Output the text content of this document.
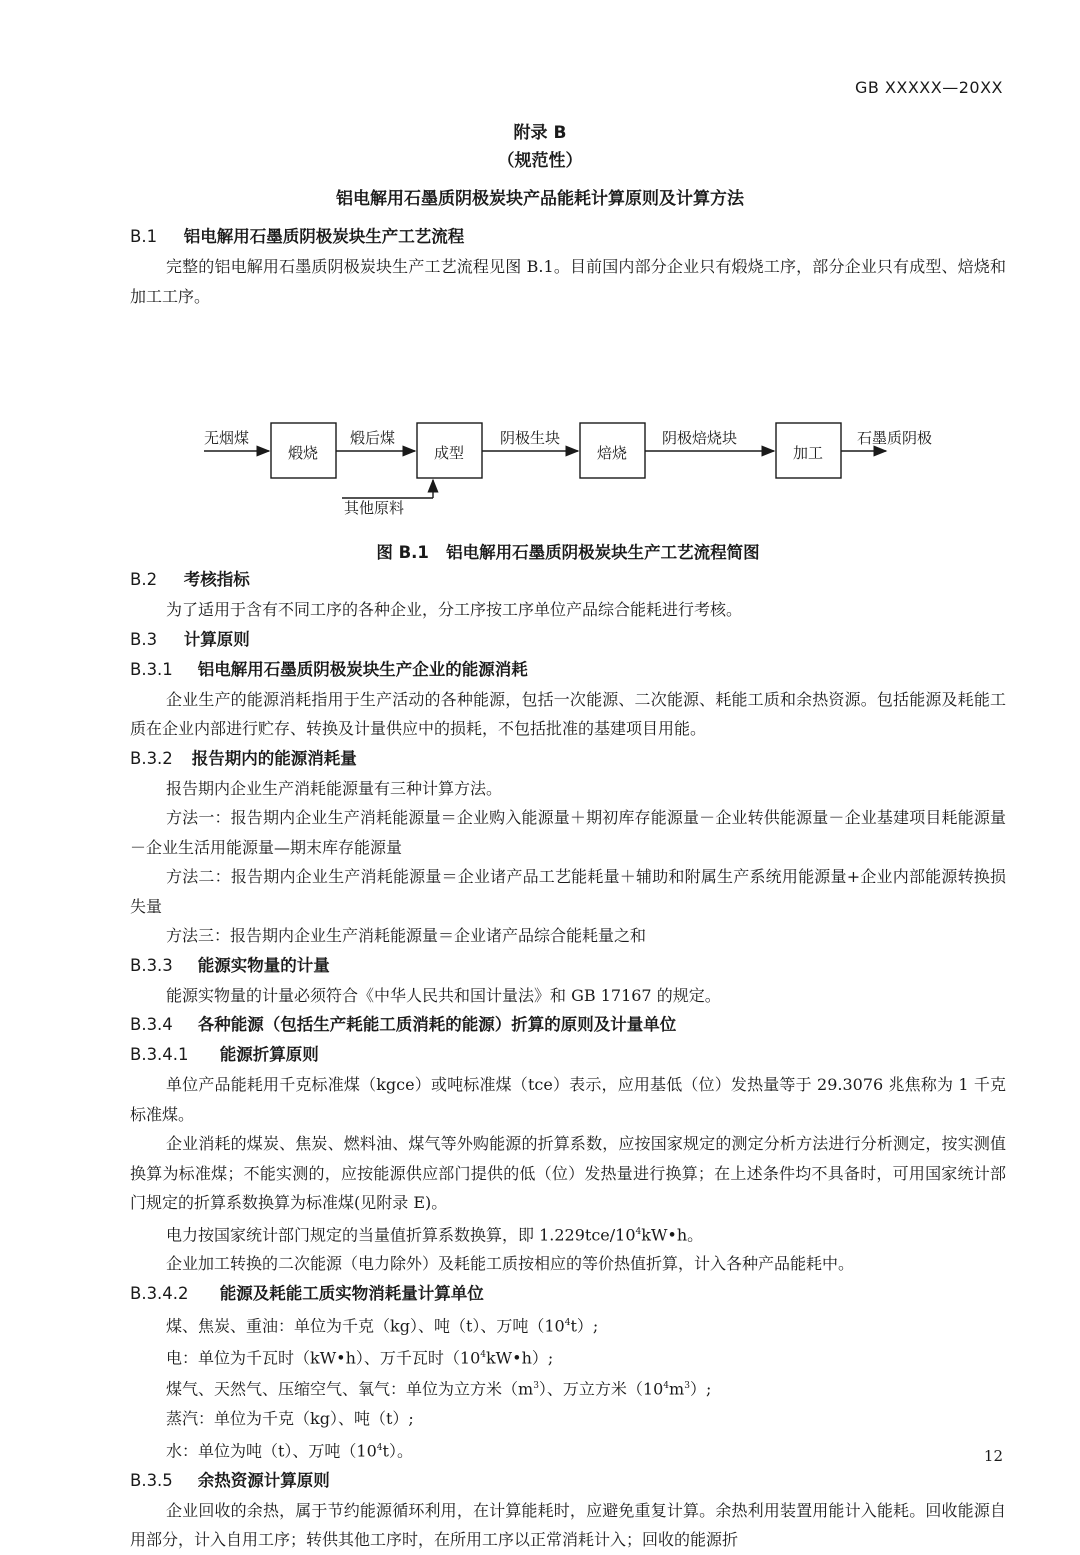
GB XXXXX—20XX
附录 B
（规范性）
铝电解用石墨质阴极炭块产品能耗计算原则及计算方法
B.1 铝电解用石墨质阴极炭块生产工艺流程
完整的铝电解用石墨质阴极炭块生产工艺流程见图 B.1。目前国内部分企业只有煅烧工序，部分企业只有成型、焙烧和加工工序。
无烟煤
煅烧
煅后煤
成型
阴极生块
焙烧
阴极焙烧块
加工
石墨质阴极
其他原料
图 B.1 铝电解用石墨质阴极炭块生产工艺流程简图
B.2 考核指标
为了适用于含有不同工序的各种企业，分工序按工序单位产品综合能耗进行考核。
B.3 计算原则
B.3.1 铝电解用石墨质阴极炭块生产企业的能源消耗
企业生产的能源消耗指用于生产活动的各种能源，包括一次能源、二次能源、耗能工质和余热资源。包括能源及耗能工质在企业内部进行贮存、转换及计量供应中的损耗，不包括批准的基建项目用能。
B.3.2 报告期内的能源消耗量
报告期内企业生产消耗能源量有三种计算方法。
方法一：报告期内企业生产消耗能源量＝企业购入能源量＋期初库存能源量－企业转供能源量－企业基建项目耗能源量－企业生活用能源量—期末库存能源量
方法二：报告期内企业生产消耗能源量＝企业诸产品工艺能耗量＋辅助和附属生产系统用能源量+企业内部能源转换损失量
方法三：报告期内企业生产消耗能源量＝企业诸产品综合能耗量之和
B.3.3 能源实物量的计量
能源实物量的计量必须符合《中华人民共和国计量法》和 GB 17167 的规定。
B.3.4 各种能源（包括生产耗能工质消耗的能源）折算的原则及计量单位
B.3.4.1 能源折算原则
单位产品能耗用千克标准煤（kgce）或吨标准煤（tce）表示，应用基低（位）发热量等于 29.3076 兆焦称为 1 千克标准煤。
企业消耗的煤炭、焦炭、燃料油、煤气等外购能源的折算系数，应按国家规定的测定分析方法进行分析测定，按实测值换算为标准煤；不能实测的，应按能源供应部门提供的低（位）发热量进行换算；在上述条件均不具备时，可用国家统计部门规定的折算系数换算为标准煤(见附录 E)。
电力按国家统计部门规定的当量值折算系数换算，即 $1.229tce/10^4kW•h$。
企业加工转换的二次能源（电力除外）及耗能工质按相应的等价热值折算，计入各种产品能耗中。
B.3.4.2 能源及耗能工质实物消耗量计算单位
煤、焦炭、重油：单位为千克（kg）、吨（t）、万吨$(10^4t)$;
电：单位为千瓦时（kW•h）、万千瓦时$(10^4kW•h)$;
煤气、天然气、压缩空气、氧气：单位为立方米$(m^3)$、万立方米$(10^4m^3)$;
蒸汽：单位为千克（kg）、吨（t）;
水：单位为吨（t）、万吨$(10^4t)$。
B.3.5 余热资源计算原则
企业回收的余热，属于节约能源循环利用，在计算能耗时，应避免重复计算。余热利用装置用能计入能耗。回收能源自用部分，计入自用工序；转供其他工序时，在所用工序以正常消耗计入；回收的能源折
12
